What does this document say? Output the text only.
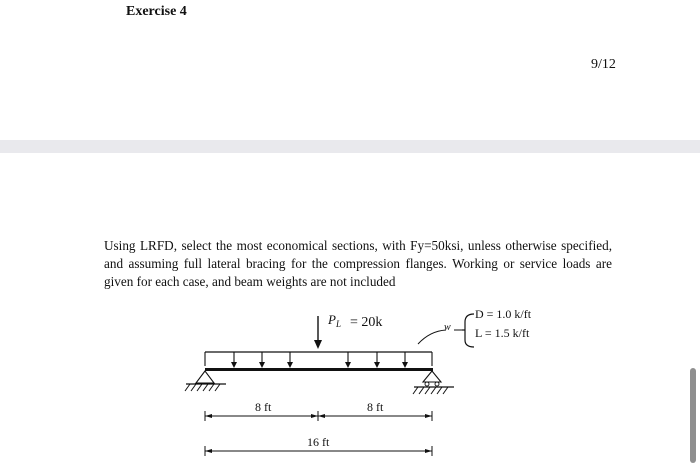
Exercise 4
9/12
Using LRFD, select the most economical sections, with Fy=50ksi, unless otherwise specified, and assuming full lateral bracing for the compression flanges. Working or service loads are given for each case, and beam weights are not included
$P_L = 20k$	w
D = 1.0 k/ft
L = 1.5 k/ft
8 ft	8 ft
16 ft
